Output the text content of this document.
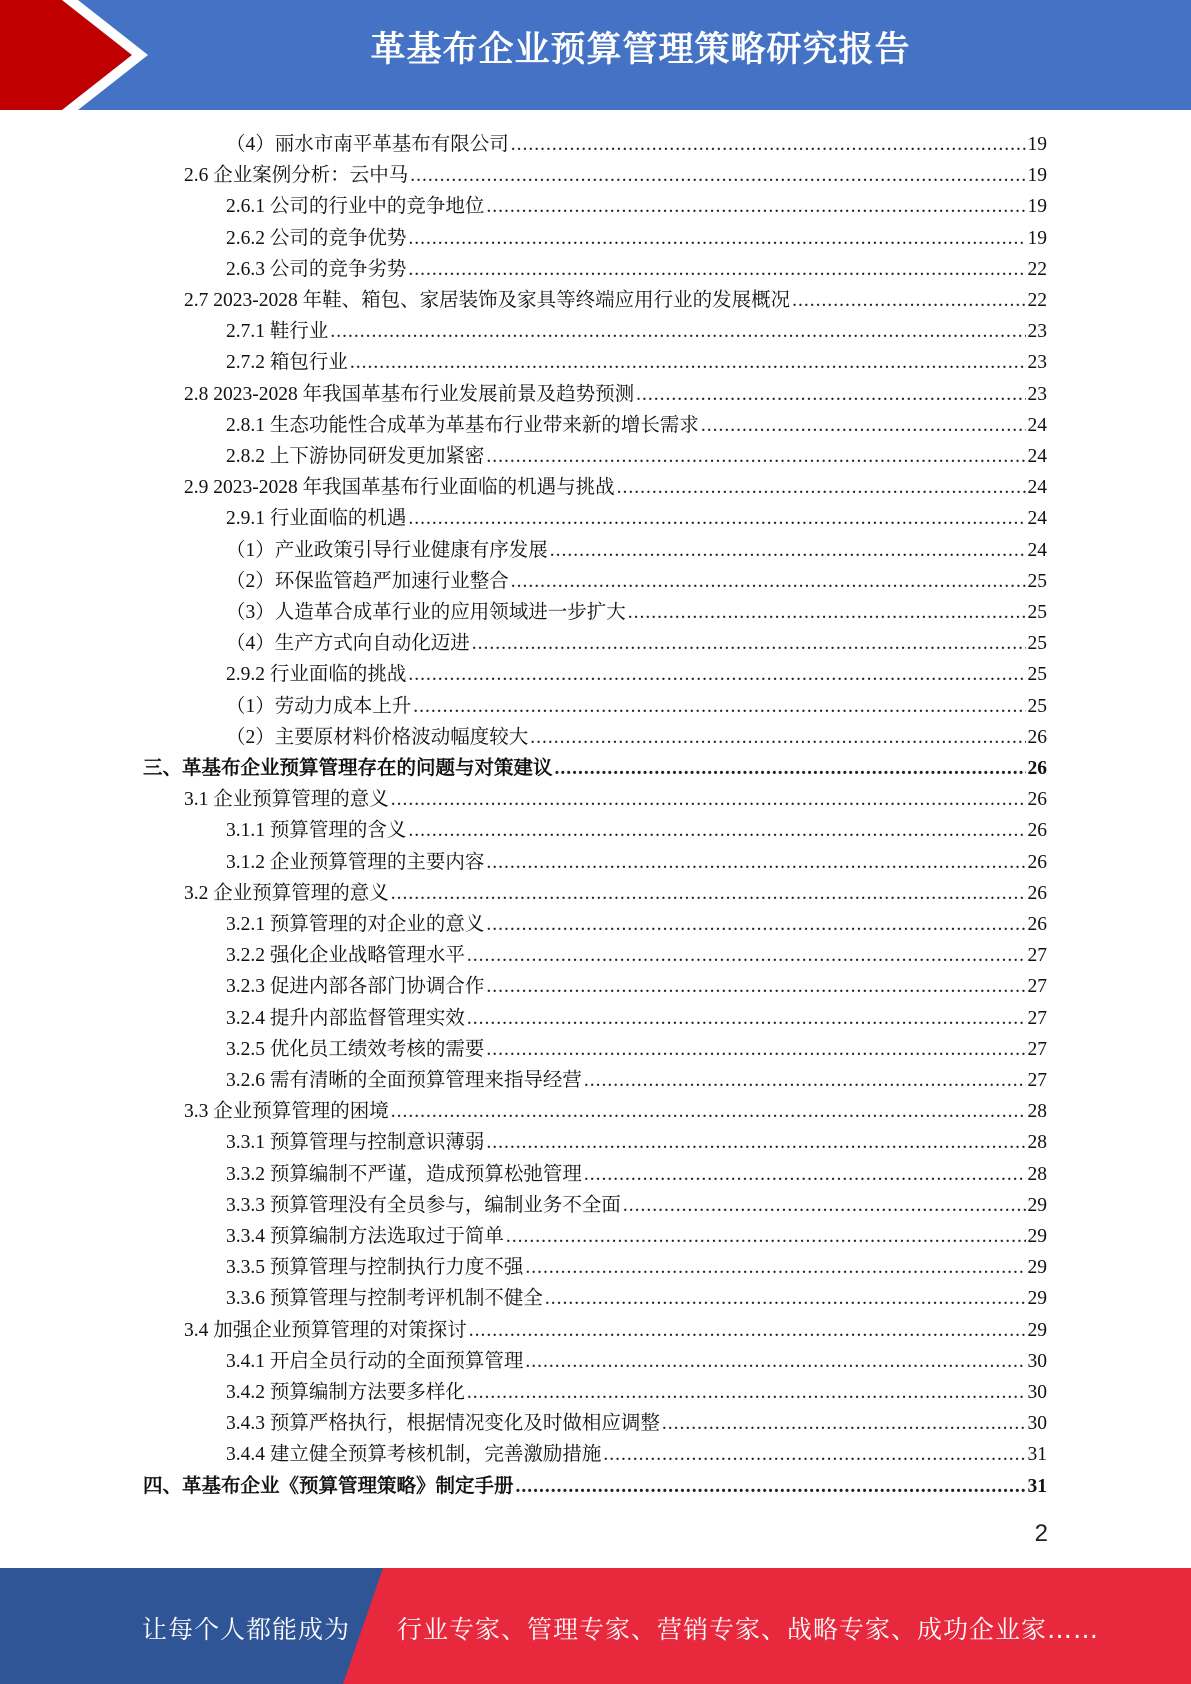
革基布企业预算管理策略研究报告
（4）丽水市南平革基布有限公司 .....	19
2.6 企业案例分析：云中马 .....	19
2.6.1 公司的行业中的竞争地位 .....	19
2.6.2 公司的竞争优势 .....	19
2.6.3 公司的竞争劣势 .....	22
2.7 2023-2028 年鞋、箱包、家居装饰及家具等终端应用行业的发展概况 .....	22
2.7.1 鞋行业 .....	23
2.7.2 箱包行业 .....	23
2.8 2023-2028 年我国革基布行业发展前景及趋势预测 .....	23
2.8.1 生态功能性合成革为革基布行业带来新的增长需求 .....	24
2.8.2 上下游协同研发更加紧密 .....	24
2.9 2023-2028 年我国革基布行业面临的机遇与挑战 .....	24
2.9.1 行业面临的机遇 .....	24
（1）产业政策引导行业健康有序发展 .....	24
（2）环保监管趋严加速行业整合 .....	25
（3）人造革合成革行业的应用领域进一步扩大 .....	25
（4）生产方式向自动化迈进 .....	25
2.9.2 行业面临的挑战 .....	25
（1）劳动力成本上升 .....	25
（2）主要原材料价格波动幅度较大 .....	26
三、革基布企业预算管理存在的问题与对策建议 .....	26
3.1 企业预算管理的意义 .....	26
3.1.1 预算管理的含义 .....	26
3.1.2 企业预算管理的主要内容 .....	26
3.2 企业预算管理的意义 .....	26
3.2.1 预算管理的对企业的意义 .....	26
3.2.2 强化企业战略管理水平 .....	27
3.2.3 促进内部各部门协调合作 .....	27
3.2.4 提升内部监督管理实效 .....	27
3.2.5 优化员工绩效考核的需要 .....	27
3.2.6 需有清晰的全面预算管理来指导经营 .....	27
3.3 企业预算管理的困境 .....	28
3.3.1 预算管理与控制意识薄弱 .....	28
3.3.2 预算编制不严谨，造成预算松弛管理 .....	28
3.3.3 预算管理没有全员参与，编制业务不全面 .....	29
3.3.4 预算编制方法选取过于简单 .....	29
3.3.5 预算管理与控制执行力度不强 .....	29
3.3.6 预算管理与控制考评机制不健全 .....	29
3.4 加强企业预算管理的对策探讨 .....	29
3.4.1 开启全员行动的全面预算管理 .....	30
3.4.2 预算编制方法要多样化 .....	30
3.4.3 预算严格执行，根据情况变化及时做相应调整 .....	30
3.4.4 建立健全预算考核机制，完善激励措施 .....	31
四、革基布企业《预算管理策略》制定手册 .....	31
2
让每个人都能成为 行业专家、管理专家、营销专家、战略专家、成功企业家……
